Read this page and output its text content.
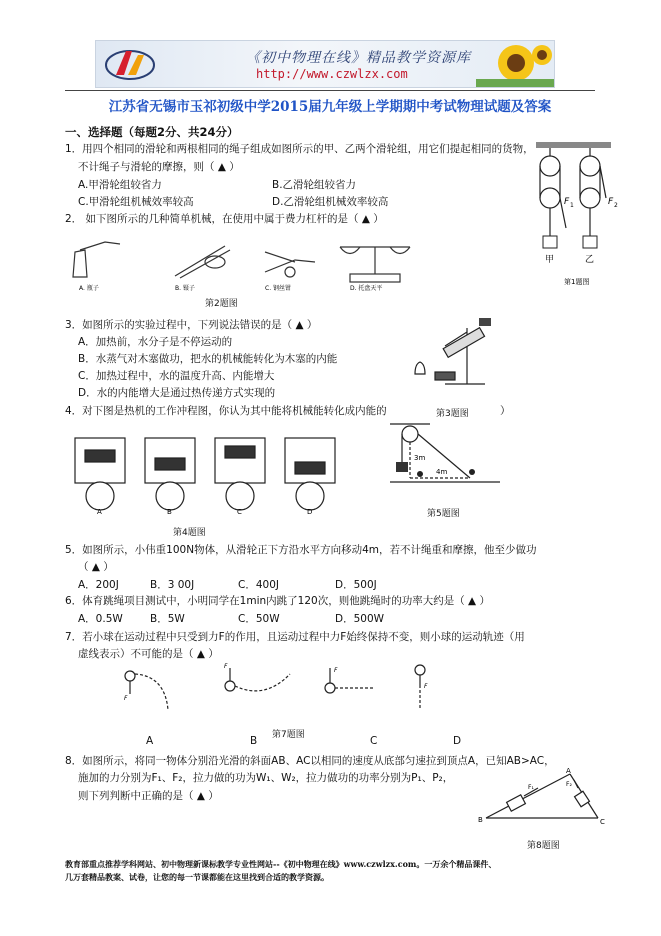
《初中物理在线》精品教学资源库
http://www.czwlzx.com
江苏省无锡市玉祁初级中学2015届九年级上学期期中考试物理试题及答案
一、选择题（每题2分、共24分）
1．用四个相同的滑轮和两根相同的绳子组成如图所示的甲、乙两个滑轮组，用它们提起相同的货物，
不计绳子与滑轮的摩擦，则（ ▲ ）
A.甲滑轮组较省力	B.乙滑轮组较省力
C.甲滑轮组机械效率较高	D.乙滑轮组机械效率较高	F 1	F 2
甲	乙
第1题图
2． 如下图所示的几种简单机械，在使用中属于费力杠杆的是（ ▲ ）
A. 瓶子	B. 镊子	C. 钢丝钳	D. 托盘天平
第2题图
3．如图所示的实验过程中，下列说法错误的是（ ▲ ）
A．加热前，水分子是不停运动的
B．水蒸气对木塞做功，把水的机械能转化为木塞的内能
C．加热过程中，水的温度升高、内能增大
D．水的内能增大是通过热传递方式实现的
4．对下图是热机的工作冲程图，你认为其中能将机械能转化成内能的	第3题图	）
A	B	C	D
第4题图
3m
4m
第5题图
5．如图所示，小伟重100N物体，从滑轮正下方沿水平方向移动4m，若不计绳重和摩擦，他至少做功
（ ▲ ）
A．200J	B．3 00J	C．400J	D．500J
6．体育跳绳项目测试中，小明同学在1min内跳了120次，则他跳绳时的功率大约是（ ▲ ）
A．0.5W	B．5W	C．50W	D．500W
7．若小球在运动过程中只受到力F的作用，且运动过程中力F始终保持不变，则小球的运动轨迹（用
虚线表示）不可能的是（ ▲ ）
F
F
F
F
第7题图
A	B	C	D
8．如图所示，将同一物体分别沿光滑的斜面AB、AC以相同的速度从底部匀速拉到顶点A，已知AB>AC，
施加的力分别为F₁、F₂，拉力做的功为W₁、W₂，拉力做功的功率分别为P₁、P₂，
则下列判断中正确的是（ ▲ ）
A
B	C
F₁	F₂
第8题图
教育部重点推荐学科网站、初中物理新课标教学专业性网站--《初中物理在线》www.czwlzx.com。一万余个精品课件、
几万套精品教案、试卷，让您的每一节课都能在这里找到合适的教学资源。
